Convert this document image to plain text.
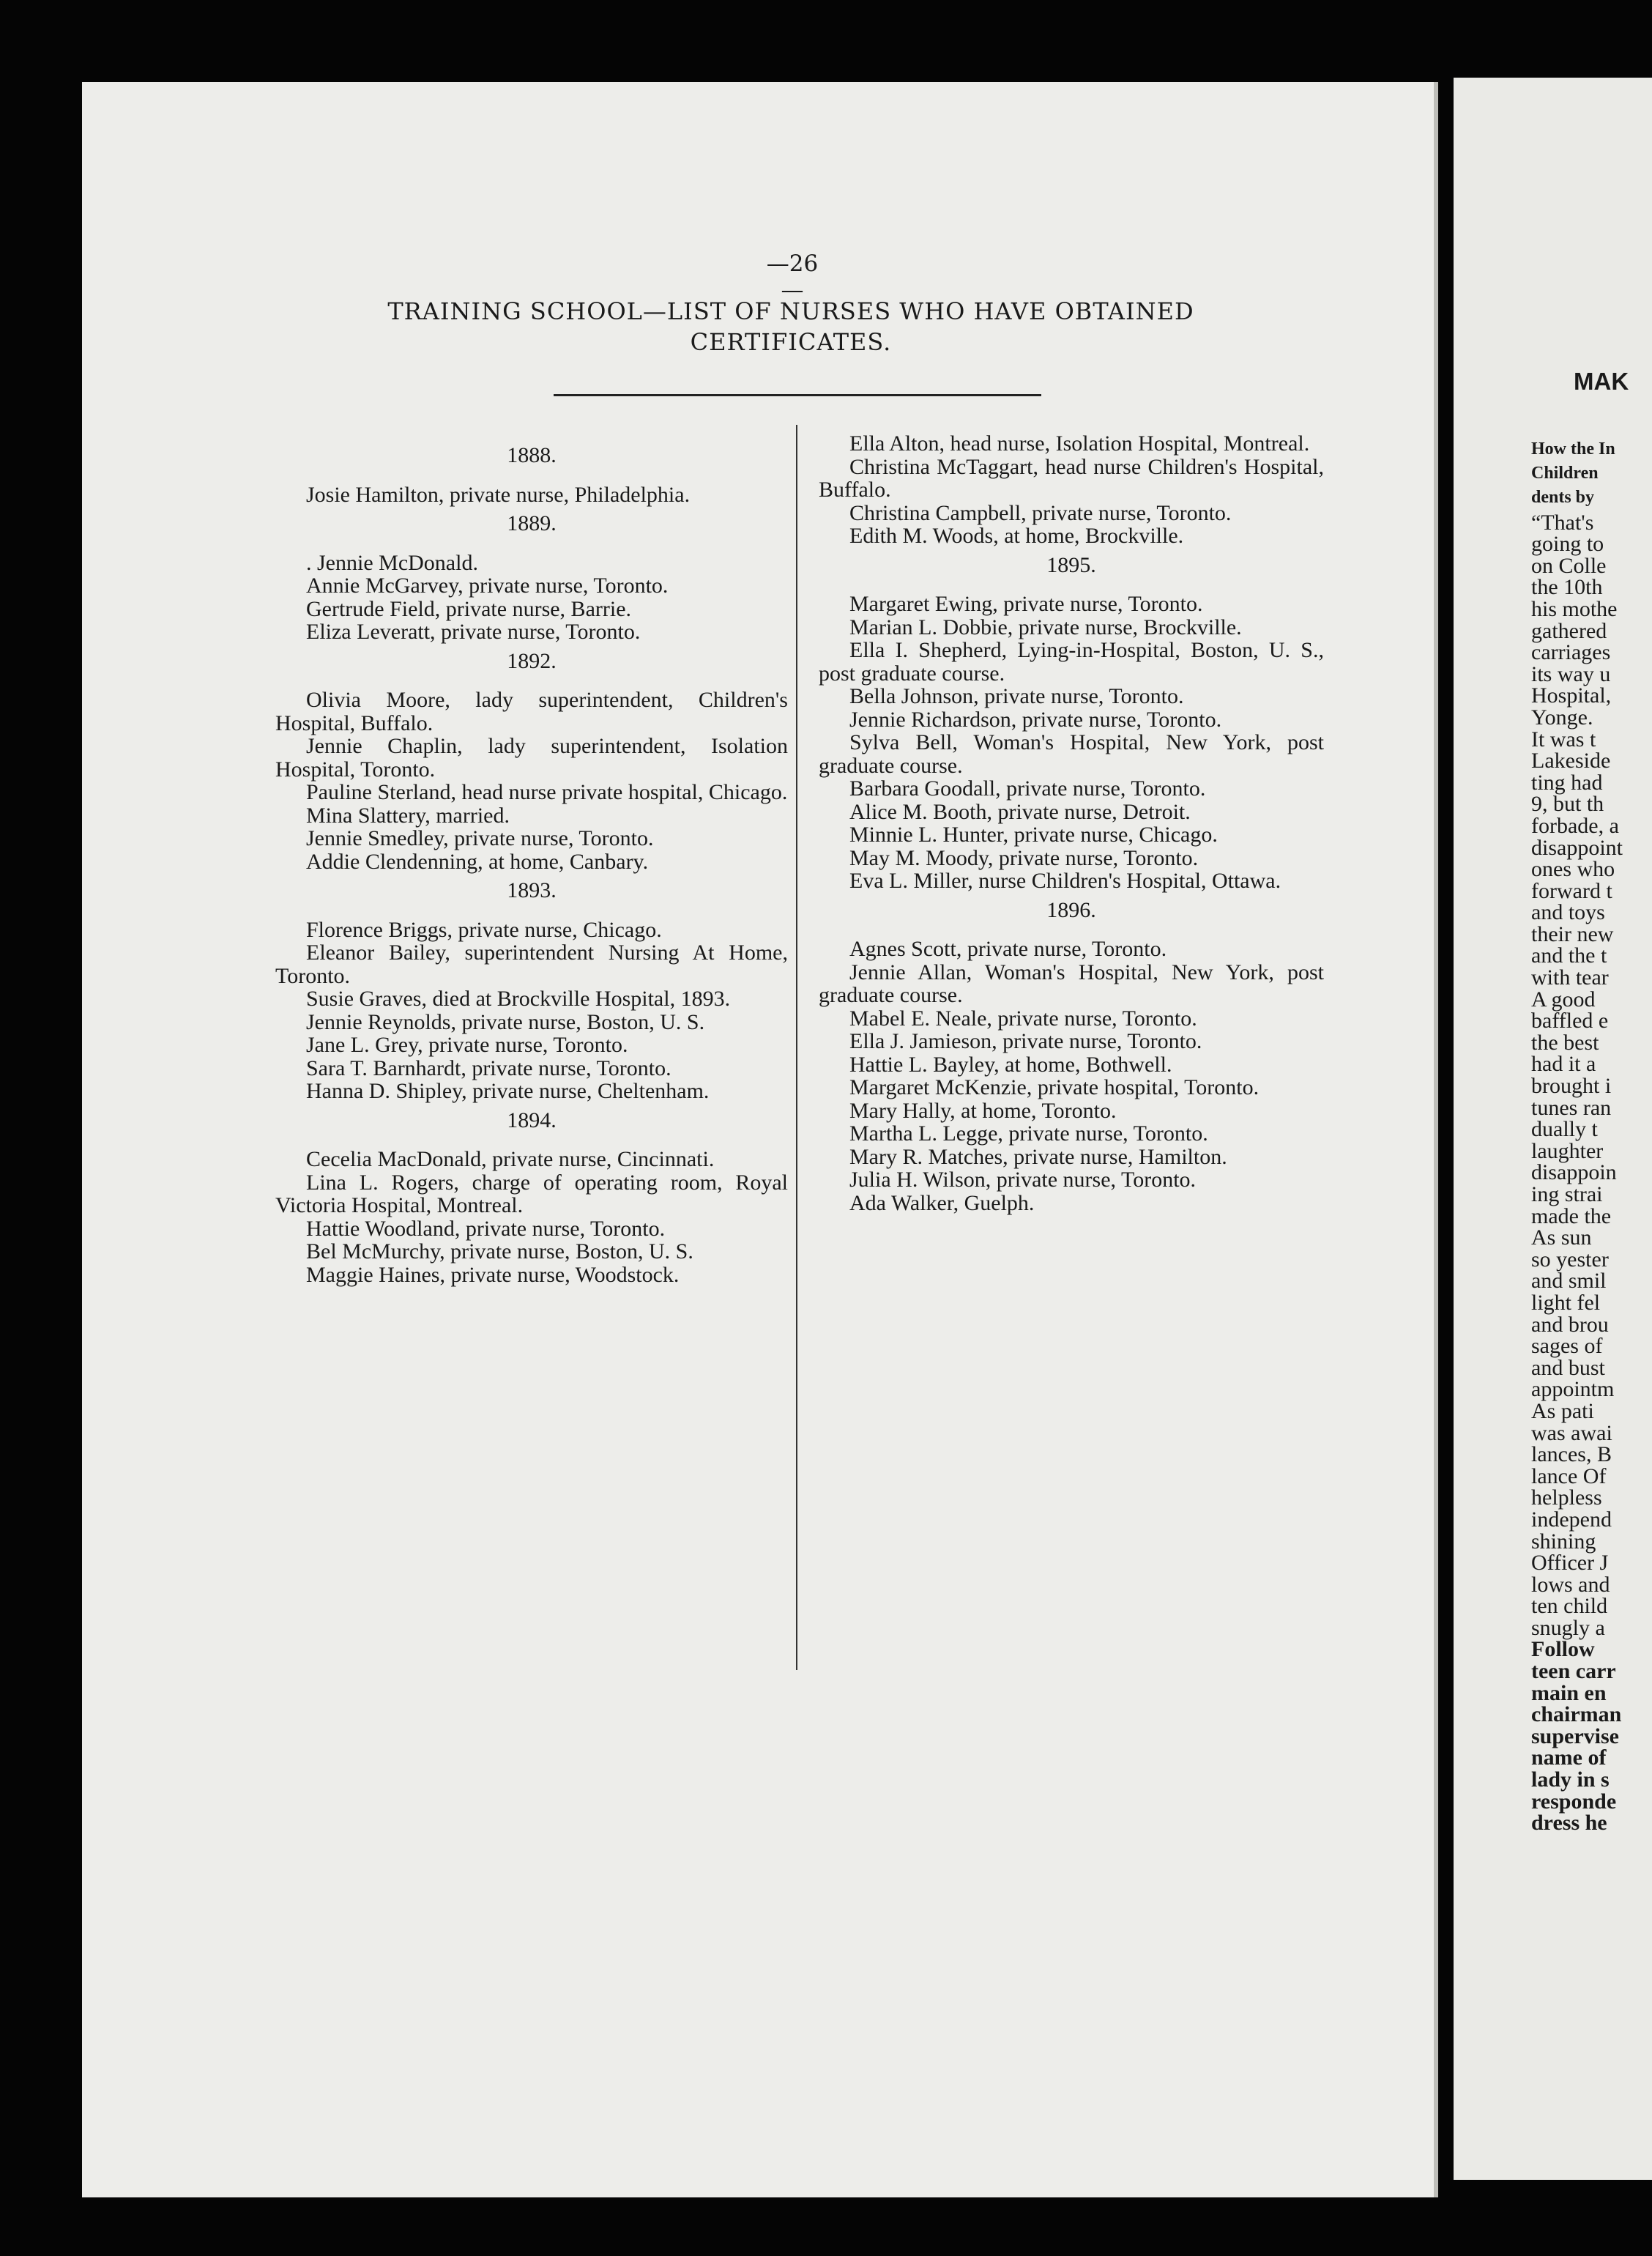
MAK
How the In
Children
dents by
“That's
going to
on Colle
the 10th
his mothe
gathered
carriages
its way u
Hospital,
Yonge.
It was t
Lakeside
ting had
9, but th
forbade, a
disappoint
ones who
forward t
and toys
their new
and the t
with tear
A good
baffled e
the best
had it a
brought i
tunes ran
dually t
laughter
disappoin
ing strai
made the
As sun
so yester
and smil
light fel
and brou
sages of
and bust
appointm
As pati
was awai
lances, B
lance Of
helpless
independ
shining
Officer J
lows and
ten child
snugly a
Follow
teen carr
main en
chairman
supervise
name of
lady in s
responde
dress he
—26—
TRAINING SCHOOL—LIST OF NURSES WHO HAVE OBTAINED
CERTIFICATES.
1888.
Josie Hamilton, private nurse, Philadelphia.
1889.
. Jennie McDonald.
Annie McGarvey, private nurse, Toronto.
Gertrude Field, private nurse, Barrie.
Eliza Leveratt, private nurse, Toronto.
1892.
Olivia Moore, lady superintendent, Children's Hospital, Buffalo.
Jennie Chaplin, lady superintendent, Isolation Hospital, Toronto.
Pauline Sterland, head nurse private hospital, Chicago.
Mina Slattery, married.
Jennie Smedley, private nurse, Toronto.
Addie Clendenning, at home, Canbary.
1893.
Florence Briggs, private nurse, Chicago.
Eleanor Bailey, superintendent Nursing At Home, Toronto.
Susie Graves, died at Brockville Hospital, 1893.
Jennie Reynolds, private nurse, Boston, U. S.
Jane L. Grey, private nurse, Toronto.
Sara T. Barnhardt, private nurse, Toronto.
Hanna D. Shipley, private nurse, Cheltenham.
1894.
Cecelia MacDonald, private nurse, Cincinnati.
Lina L. Rogers, charge of operating room, Royal Victoria Hospital, Montreal.
Hattie Woodland, private nurse, Toronto.
Bel McMurchy, private nurse, Boston, U. S.
Maggie Haines, private nurse, Woodstock.
Ella Alton, head nurse, Isolation Hospital, Montreal.
Christina McTaggart, head nurse Children's Hospital, Buffalo.
Christina Campbell, private nurse, Toronto.
Edith M. Woods, at home, Brockville.
1895.
Margaret Ewing, private nurse, Toronto.
Marian L. Dobbie, private nurse, Brockville.
Ella I. Shepherd, Lying-in-Hospital, Boston, U. S., post graduate course.
Bella Johnson, private nurse, Toronto.
Jennie Richardson, private nurse, Toronto.
Sylva Bell, Woman's Hospital, New York, post graduate course.
Barbara Goodall, private nurse, Toronto.
Alice M. Booth, private nurse, Detroit.
Minnie L. Hunter, private nurse, Chicago.
May M. Moody, private nurse, Toronto.
Eva L. Miller, nurse Children's Hospital, Ottawa.
1896.
Agnes Scott, private nurse, Toronto.
Jennie Allan, Woman's Hospital, New York, post graduate course.
Mabel E. Neale, private nurse, Toronto.
Ella J. Jamieson, private nurse, Toronto.
Hattie L. Bayley, at home, Bothwell.
Margaret McKenzie, private hospital, Toronto.
Mary Hally, at home, Toronto.
Martha L. Legge, private nurse, Toronto.
Mary R. Matches, private nurse, Hamilton.
Julia H. Wilson, private nurse, Toronto.
Ada Walker, Guelph.
